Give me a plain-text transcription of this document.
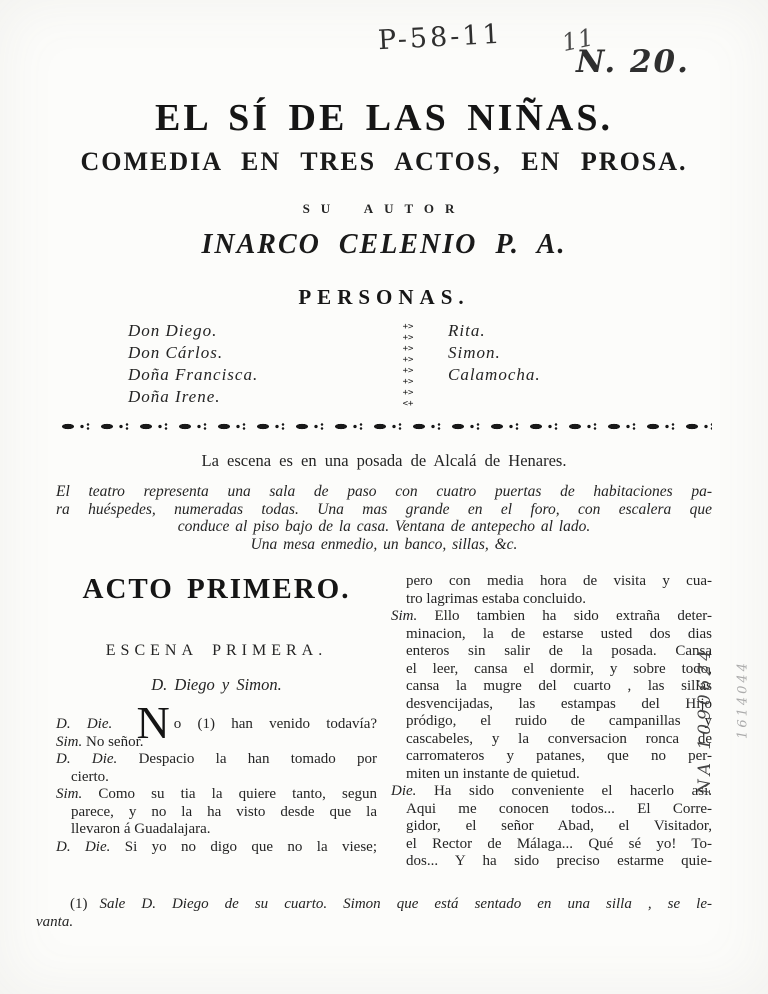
P-58-11 11
N. 20.
NA 1090624 1614044
EL SÍ DE LAS NIÑAS.
COMEDIA EN TRES ACTOS, EN PROSA.
SU AUTOR
INARCO CELENIO P. A.
PERSONAS.
Don Diego.
Don Cárlos.
Doña Francisca.
Doña Irene.
+>
+>
+>
+>
+>
+>
+>
<+
Rita.
Simon.
Calamocha.
La escena es en una posada de Alcalá de Henares.
El teatro representa una sala de paso con cuatro puertas de habitaciones pa-
ra huéspedes, numeradas todas. Una mas grande en el foro, con escalera que
conduce al piso bajo de la casa. Ventana de antepecho al lado.
Una mesa enmedio, un banco, sillas, &c.
ACTO PRIMERO.
ESCENA PRIMERA.
D. Diego y Simon.
D. Die. N o (1) han venido todavía?
Sim. No señor.
D. Die. Despacio la han tomado por
cierto.
Sim. Como su tia la quiere tanto, segun
parece, y no la ha visto desde que la
llevaron á Guadalajara.
D. Die. Si yo no digo que no la viese;
pero con media hora de visita y cua-
tro lagrimas estaba concluido.
Sim. Ello tambien ha sido extraña deter-
minacion, la de estarse usted dos dias
enteros sin salir de la posada. Cansa
el leer, cansa el dormir, y sobre todo,
cansa la mugre del cuarto , las sillas
desvencijadas, las estampas del Hijo
pródigo, el ruido de campanillas y
cascabeles, y la conversacion ronca de
carromateros y patanes, que no per-
miten un instante de quietud.
Die. Ha sido conveniente el hacerlo así.
Aqui me conocen todos... El Corre-
gidor, el señor Abad, el Visitador,
el Rector de Málaga... Qué sé yo! To-
dos... Y ha sido preciso estarme quie-
(1) Sale D. Diego de su cuarto. Simon que está sentado en una silla , se le-
vanta.
